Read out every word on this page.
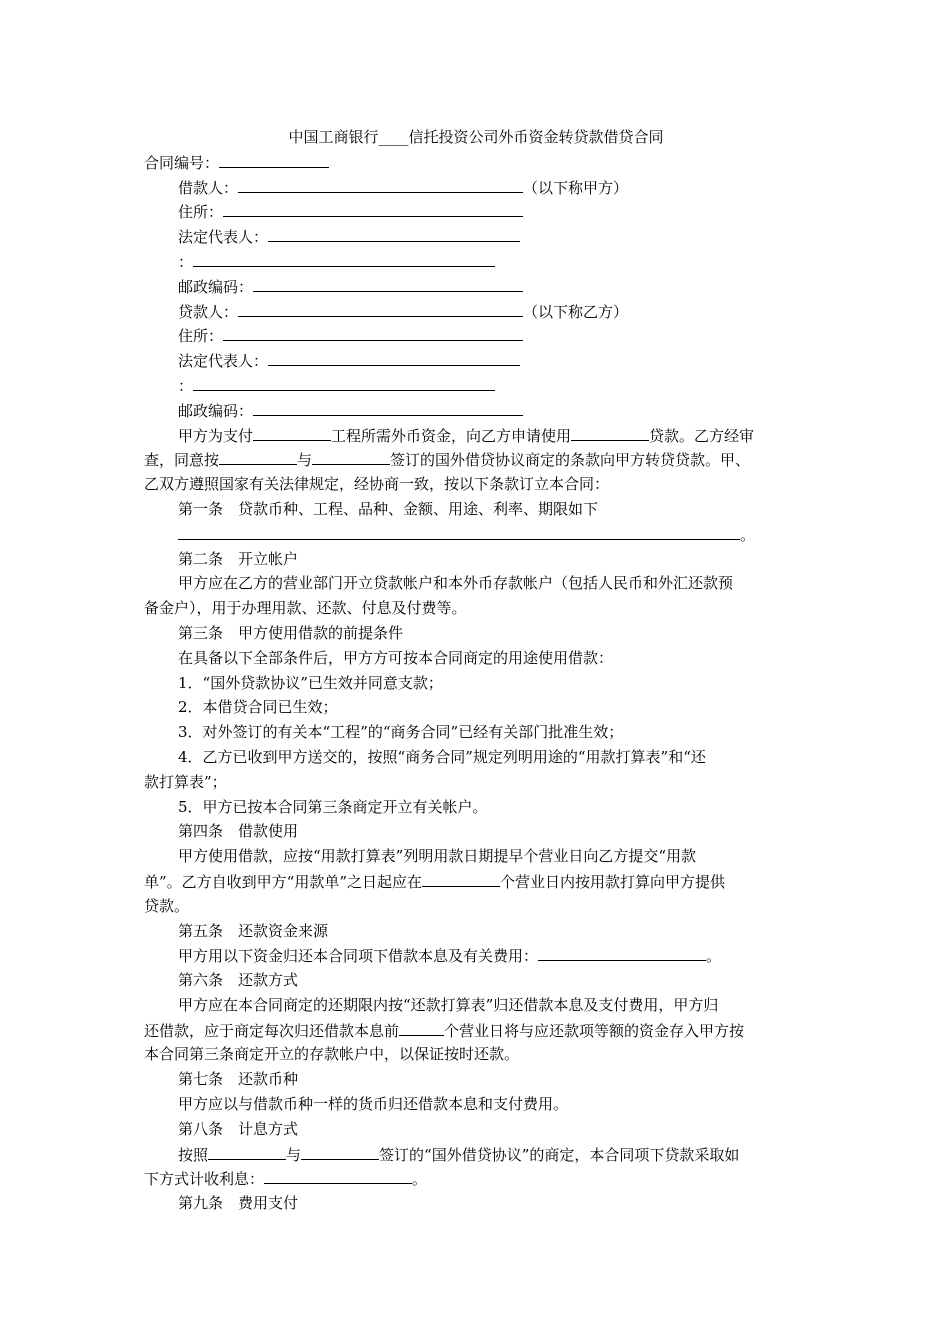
中国工商银行____信托投资公司外币资金转贷款借贷合同
合同编号：
借款人：	（以下称甲方）
住所：
法定代表人：
：
邮政编码：
贷款人：	（以下称乙方）
住所：
法定代表人：
：
邮政编码：
甲方为支付	工程所需外币资金，向乙方申请使用	贷款。乙方经审
查，同意按	与	签订的国外借贷协议商定的条款向甲方转贷贷款。甲、
乙双方遵照国家有关法律规定，经协商一致，按以下条款订立本合同：
第一条　贷款币种、工程、品种、金额、用途、利率、期限如下
。
第二条　开立帐户
甲方应在乙方的营业部门开立贷款帐户和本外币存款帐户（包括人民币和外汇还款预
备金户），用于办理用款、还款、付息及付费等。
第三条　甲方使用借款的前提条件
在具备以下全部条件后，甲方方可按本合同商定的用途使用借款：
1．“国外贷款协议”已生效并同意支款；
2．本借贷合同已生效；
3．对外签订的有关本“工程”的“商务合同”已经有关部门批准生效；
4．乙方已收到甲方送交的，按照“商务合同”规定列明用途的“用款打算表”和“还
款打算表”；
5．甲方已按本合同第三条商定开立有关帐户。
第四条　借款使用
甲方使用借款，应按“用款打算表”列明用款日期提早个营业日向乙方提交“用款
单”。乙方自收到甲方“用款单”之日起应在	个营业日内按用款打算向甲方提供
贷款。
第五条　还款资金来源
甲方用以下资金归还本合同项下借款本息及有关费用：	。
第六条　还款方式
甲方应在本合同商定的还期限内按“还款打算表”归还借款本息及支付费用，甲方归
还借款，应于商定每次归还借款本息前	个营业日将与应还款项等额的资金存入甲方按
本合同第三条商定开立的存款帐户中，以保证按时还款。
第七条　还款币种
甲方应以与借款币种一样的货币归还借款本息和支付费用。
第八条　计息方式
按照	与	签订的“国外借贷协议”的商定，本合同项下贷款采取如
下方式计收利息：	。
第九条　费用支付
